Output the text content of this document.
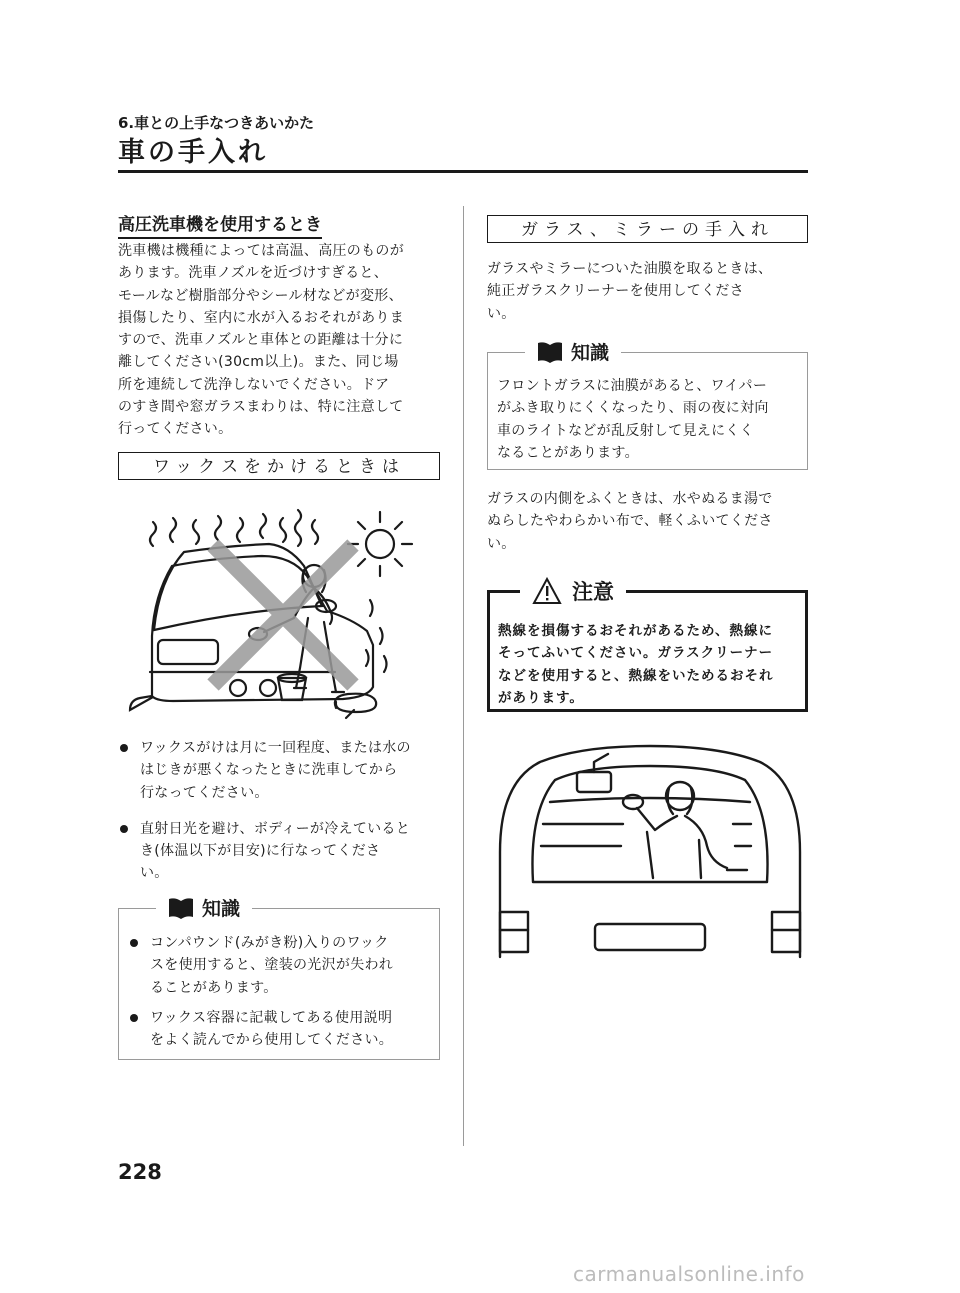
6.車との上手なつきあいかた
車の手入れ
高圧洗車機を使用するとき
洗車機は機種によっては高温、高圧のものが
あります。洗車ノズルを近づけすぎると、
モールなど樹脂部分やシール材などが変形、
損傷したり、室内に水が入るおそれがありま
すので、洗車ノズルと車体との距離は十分に
離してください(30cm以上)。また、同じ場
所を連続して洗浄しないでください。ドア
のすき間や窓ガラスまわりは、特に注意して
行ってください。
ワックスをかけるときは
ワックスがけは月に一回程度、または水の
はじきが悪くなったときに洗車してから
行なってください。
直射日光を避け、ボディーが冷えていると
き(体温以下が目安)に行なってくださ
い。
知識
コンパウンド(みがき粉)入りのワック
スを使用すると、塗装の光沢が失われ
ることがあります。
ワックス容器に記載してある使用説明
をよく読んでから使用してください。
ガラス、ミラーの手入れ
ガラスやミラーについた油膜を取るときは、
純正ガラスクリーナーを使用してくださ
い。
知識
フロントガラスに油膜があると、ワイパー
がふき取りにくくなったり、雨の夜に対向
車のライトなどが乱反射して見えにくく
なることがあります。
ガラスの内側をふくときは、水やぬるま湯で
ぬらしたやわらかい布で、軽くふいてくださ
い。
注意
熱線を損傷するおそれがあるため、熱線に
そってふいてください。ガラスクリーナー
などを使用すると、熱線をいためるおそれ
があります。
228
carmanualsonline.info
